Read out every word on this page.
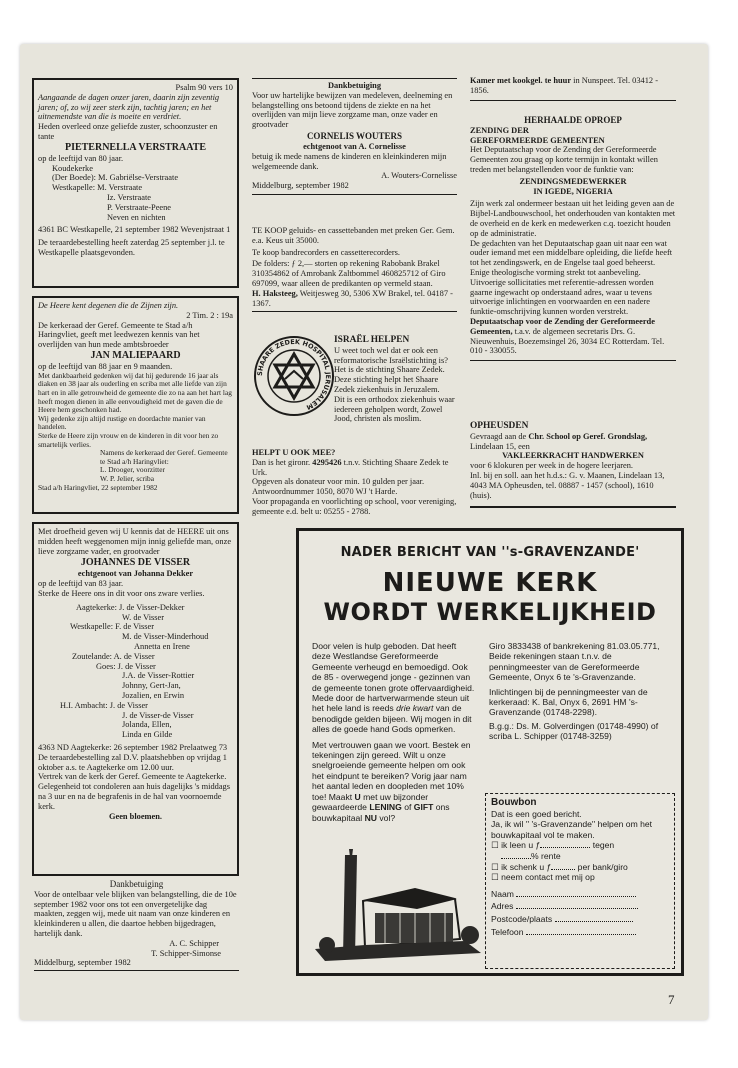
Psalm 90 vers 10

Aangaande de dagen onzer jaren, daarin zijn zeventig jaren; of, zo wij zeer sterk zijn, tachtig jaren; en het uitnemendste van die is moeite en verdriet.

Heden overleed onze geliefde zuster, schoonzuster en tante

PIETERNELLA VERSTRAATE

op de leeftijd van 80 jaar.

Koudekerke

(Der Boede): M. Gabriëlse-Verstraate

Westkapelle: M. Verstraate

Iz. Verstraate

P. Verstraate-Peene

Neven en nichten

4361 BC Westkapelle, 21 september 1982 Wevenjstraat 1

De teraardebestelling heeft zaterdag 25 september j.l. te Westkapelle plaatsgevonden.

De Heere kent degenen die de Zijnen zijn.

2 Tim. 2 : 19a

De kerkeraad der Geref. Gemeente te Stad a/h Haringvliet, geeft met leedwezen kennis van het overlijden van hun mede ambtsbroeder

JAN MALIEPAARD

op de leeftijd van 88 jaar en 9 maanden.

Met dankbaarheid gedenken wij dat hij gedurende 16 jaar als diaken en 38 jaar als ouderling en scriba met alle liefde van zijn hart en in alle getrouwheid de gemeente die zo na aan het hart lag heeft mogen dienen in alle eenvoudigheid met de gaven die de Heere hem geschonken had.

Wij gedenke zijn altijd rustige en doordachte manier van handelen.

Sterke de Heere zijn vrouw en de kinderen in dit voor hen zo smartelijk verlies.

Namens de kerkeraad der Geref. Gemeente te Stad a/h Haringvliet:

L. Drooger, voorzitter

W. P. Jelier, scriba

Stad a/h Haringvliet, 22 september 1982

Met droefheid geven wij U kennis dat de HEERE uit ons midden heeft weggenomen mijn innig geliefde man, onze lieve zorgzame vader, en grootvader

JOHANNES DE VISSER

echtgenoot van Johanna Dekker

op de leeftijd van 83 jaar.

Sterke de Heere ons in dit voor ons zware verlies.

Aagtekerke: J. de Visser-Dekker

W. de Visser

Westkapelle: F. de Visser

M. de Visser-Minderhoud

Annetta en Irene

Zoutelande: A. de Visser

Goes: J. de Visser

J.A. de Visser-Rottier

Johnny, Gert-Jan,

Jozalien, en Erwin

H.I. Ambacht: J. de Visser

J. de Visser-de Visser

Jolanda, Ellen,

Linda en Gilde

4363 ND Aagtekerke: 26 september 1982 Prelaatweg 73

De teraardebestelling zal D.V. plaatshebben op vrijdag 1 oktober a.s. te Aagtekerke om 12.00 uur.

Vertrek van de kerk der Geref. Gemeente te Aagtekerke.

Gelegenheid tot condoleren aan huis dagelijks 's middags na 3 uur en na de begrafenis in de hal van voornoemde kerk.

Geen bloemen.

Dankbetuiging

Voor de ontelbaar vele blijken van belangstelling, die de 10e september 1982 voor ons tot een onvergetelijke dag maakten, zeggen wij, mede uit naam van onze kinderen en kleinkinderen u allen, die daartoe hebben bijgedragen, hartelijk dank.

A. C. Schipper

T. Schipper-Simonse

Middelburg, september 1982

Dankbetuiging

Voor uw hartelijke bewijzen van medeleven, deelneming en belangstelling ons betoond tijdens de ziekte en na het overlijden van mijn lieve zorgzame man, onze vader en grootvader

CORNELIS WOUTERS

echtgenoot van A. Cornelisse

betuig ik mede namens de kinderen en kleinkinderen mijn welgemeende dank.

A. Wouters-Cornelisse

Middelburg, september 1982

TE KOOP geluids- en cassettebanden met preken Ger. Gem. e.a. Keus uit 35000.

Te koop bandrecorders en cassetterecorders.

De folders: ƒ 2,— storten op rekening Rabobank Brakel 310354862 of Amrobank Zaltbommel 460825712 of Giro 697099, waar alleen de predikanten op vermeld staan.

H. Haksteeg, Weitjesweg 30, 5306 XW Brakel, tel. 04187 - 1367.

SHAARE ZEDEK HOSPITAL JERUSALEM

ISRAËL HELPEN

U weet toch wel dat er ook een reformatorische Israëlstichting is? Het is de stichting Shaare Zedek. Deze stichting helpt het Shaare Zedek ziekenhuis in Jeruzalem.

Dit is een orthodox ziekenhuis waar iedereen geholpen wordt, Zowel Jood, christen als moslim.

HELPT U OOK MEE?

Dan is het gironr. 4295426 t.n.v. Stichting Shaare Zedek te Urk.

Opgeven als donateur voor min. 10 gulden per jaar. Antwoordnummer 1050, 8070 WJ 't Harde.

Voor propaganda en voorlichting op school, voor vereniging, gemeente e.d. belt u: 05255 - 2788.

Kamer met kookgel. te huur in Nunspeet. Tel. 03412 - 1856.

HERHAALDE OPROEP

ZENDING DER

GEREFORMEERDE GEMEENTEN

Het Deputaatschap voor de Zending der Gereformeerde Gemeenten zou graag op korte termijn in kontakt willen treden met belangstellenden voor de funktie van:

ZENDINGSMEDEWERKER

IN IGEDE, NIGERIA

Zijn werk zal ondermeer bestaan uit het leiding geven aan de Bijbel-Landbouwschool, het onderhouden van kontakten met de overheid en de kerk en medewerken c.q. toezicht houden op de administratie.

De gedachten van het Deputaatschap gaan uit naar een wat ouder iemand met een middelbare opleiding, die liefde heeft tot het zendingswerk, en de Engelse taal goed beheerst. Enige theologische vorming strekt tot aanbeveling.

Uitvoerige sollicitaties met referentie-adressen worden gaarne ingewacht op onderstaand adres, waar u tevens uitvoerige inlichtingen en voorwaarden en een nadere funktie-omschrijving kunnen worden verstrekt.

Deputaatschap voor de Zending der Gereformeerde Gemeenten, t.a.v. de algemeen secretaris Drs. G. Nieuwenhuis, Boezemsingel 26, 3034 EC Rotterdam. Tel. 010 - 330055.

OPHEUSDEN

Gevraagd aan de Chr. School op Geref. Grondslag, Lindelaan 15, een

VAKLEERKRACHT HANDWERKEN

voor 6 klokuren per week in de hogere leerjaren.

Inl. bij en soll. aan het h.d.s.: G. v. Maanen, Lindelaan 13, 4043 MA Opheusden, tel. 08887 - 1457 (school), 1610 (huis).

NADER BERICHT VAN ''s-GRAVENZANDE'
NIEUWE KERK
WORDT WERKELIJKHEID

Door velen is hulp geboden. Dat heeft deze Westlandse Gereformeerde Gemeente verheugd en bemoedigd. Ook de 85 - overwegend jonge - gezinnen van de gemeente tonen grote offervaardigheid. Mede door de hartverwarmende steun uit het hele land is reeds drie kwart van de benodigde gelden bijeen. Wij mogen in dit alles de goede hand Gods opmerken.

Met vertrouwen gaan we voort. Bestek en tekeningen zijn gereed. Wilt u onze snelgroeiende gemeente helpen om ook het eindpunt te bereiken? Vorig jaar nam het aantal leden en doopleden met 10% toe! Maakt U met uw bijzonder gewaardeerde LENING of GIFT ons bouwkapitaal NU vol?

Giro 3833438 of bankrekening 81.03.05.771,

Beide rekeningen staan t.n.v. de penningmeester van de Gereformeerde Gemeente, Onyx 6 te 's-Gravenzande.

Inlichtingen bij de penningmeester van de kerkeraad: K. Bal, Onyx 6, 2691 HM 's-Gravenzande (01748-2298).

B.g.g.: Ds. M. Golverdingen (01748-4990) of scriba L. Schipper (01748-3259)

Bouwbon

Dat is een goed bericht.

Ja, ik wil '' 's-Gravenzande'' helpen om het bouwkapitaal vol te maken.

☐ ik leen u ƒ	tegen

% rente

☐ ik schenk u ƒ	per bank/giro

☐ neem contact met mij op

Naam

Adres

Postcode/plaats

Telefoon

7
